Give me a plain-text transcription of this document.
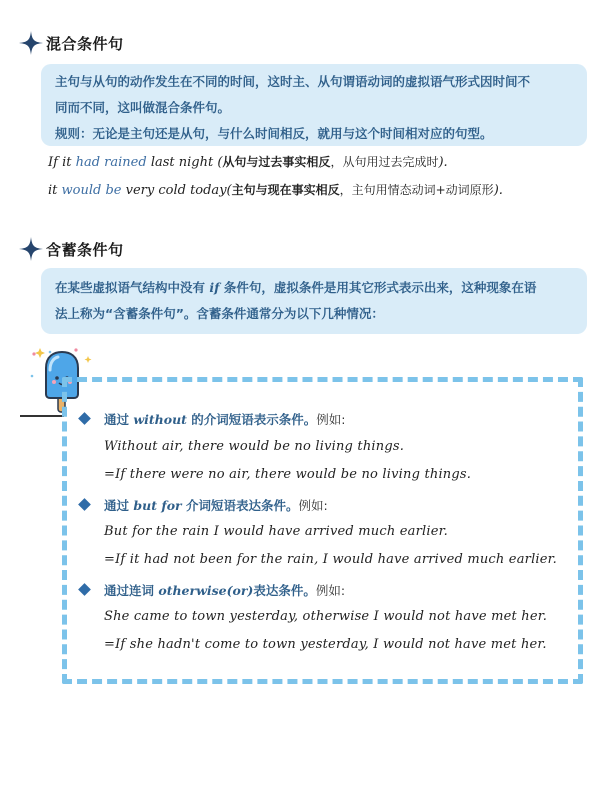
混合条件句
主句与从句的动作发生在不同的时间，这时主、从句谓语动词的虚拟语气形式因时间不
同而不同，这叫做混合条件句。
规则：无论是主句还是从句，与什么时间相反，就用与这个时间相对应的句型。
If it had rained last night (从句与过去事实相反，从句用过去完成时).
it would be very cold today(主句与现在事实相反，主句用情态动词+动词原形).
含蓄条件句
在某些虚拟语气结构中没有 if 条件句，虚拟条件是用其它形式表示出来，这种现象在语
法上称为“含蓄条件句”。含蓄条件通常分为以下几种情况：
通过 without 的介词短语表示条件。例如:
Without air, there would be no living things.
=If there were no air, there would be no living things.
通过 but for 介词短语表达条件。例如:
But for the rain I would have arrived much earlier.
=If it had not been for the rain, I would have arrived much earlier.
通过连词 otherwise(or)表达条件。例如:
She came to town yesterday, otherwise I would not have met her.
=If she hadn't come to town yesterday, I would not have met her.
